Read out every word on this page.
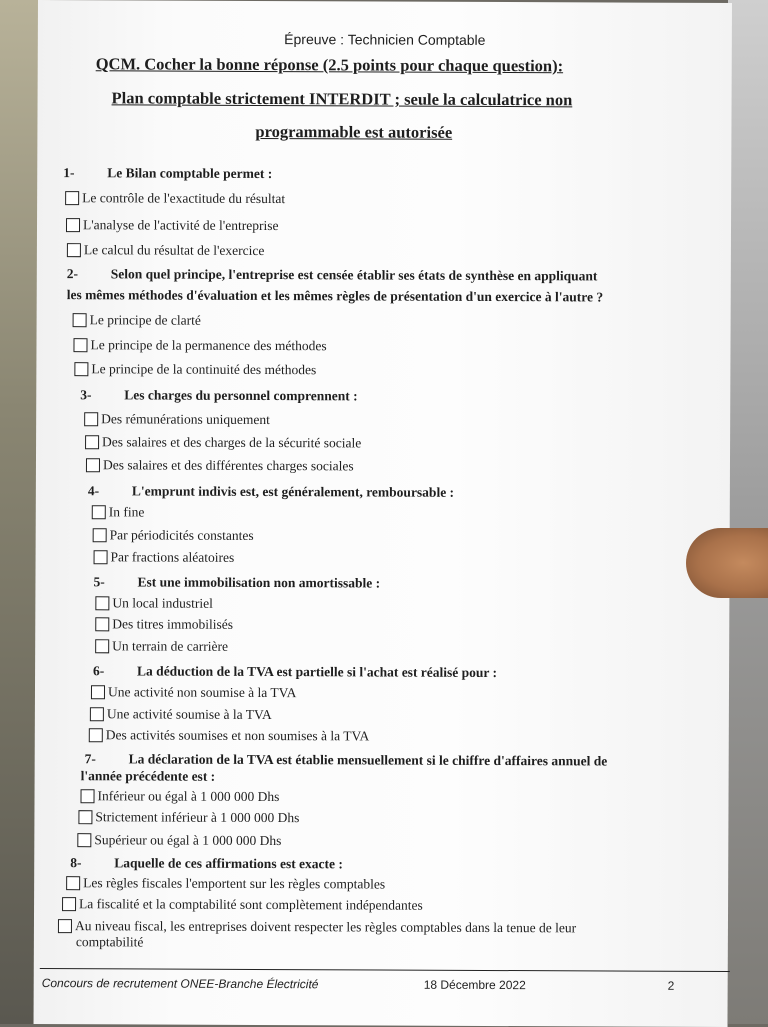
Épreuve : Technicien Comptable
QCM. Cocher la bonne réponse (2.5 points pour chaque question):
Plan comptable strictement INTERDIT ; seule la calculatrice non
programmable est autorisée
1- Le Bilan comptable permet :
Le contrôle de l'exactitude du résultat
L'analyse de l'activité de l'entreprise
Le calcul du résultat de l'exercice
2- Selon quel principe, l'entreprise est censée établir ses états de synthèse en appliquant
les mêmes méthodes d'évaluation et les mêmes règles de présentation d'un exercice à l'autre ?
Le principe de clarté
Le principe de la permanence des méthodes
Le principe de la continuité des méthodes
3- Les charges du personnel comprennent :
Des rémunérations uniquement
Des salaires et des charges de la sécurité sociale
Des salaires et des différentes charges sociales
4- L'emprunt indivis est, est généralement, remboursable :
In fine
Par périodicités constantes
Par fractions aléatoires
5- Est une immobilisation non amortissable :
Un local industriel
Des titres immobilisés
Un terrain de carrière
6- La déduction de la TVA est partielle si l'achat est réalisé pour :
Une activité non soumise à la TVA
Une activité soumise à la TVA
Des activités soumises et non soumises à la TVA
7- La déclaration de la TVA est établie mensuellement si le chiffre d'affaires annuel de
l'année précédente est :
Inférieur ou égal à 1 000 000 Dhs
Strictement inférieur à 1 000 000 Dhs
Supérieur ou égal à 1 000 000 Dhs
8- Laquelle de ces affirmations est exacte :
Les règles fiscales l'emportent sur les règles comptables
La fiscalité et la comptabilité sont complètement indépendantes
Au niveau fiscal, les entreprises doivent respecter les règles comptables dans la tenue de leur
comptabilité
Concours de recrutement ONEE-Branche Électricité	18 Décembre 2022	2
